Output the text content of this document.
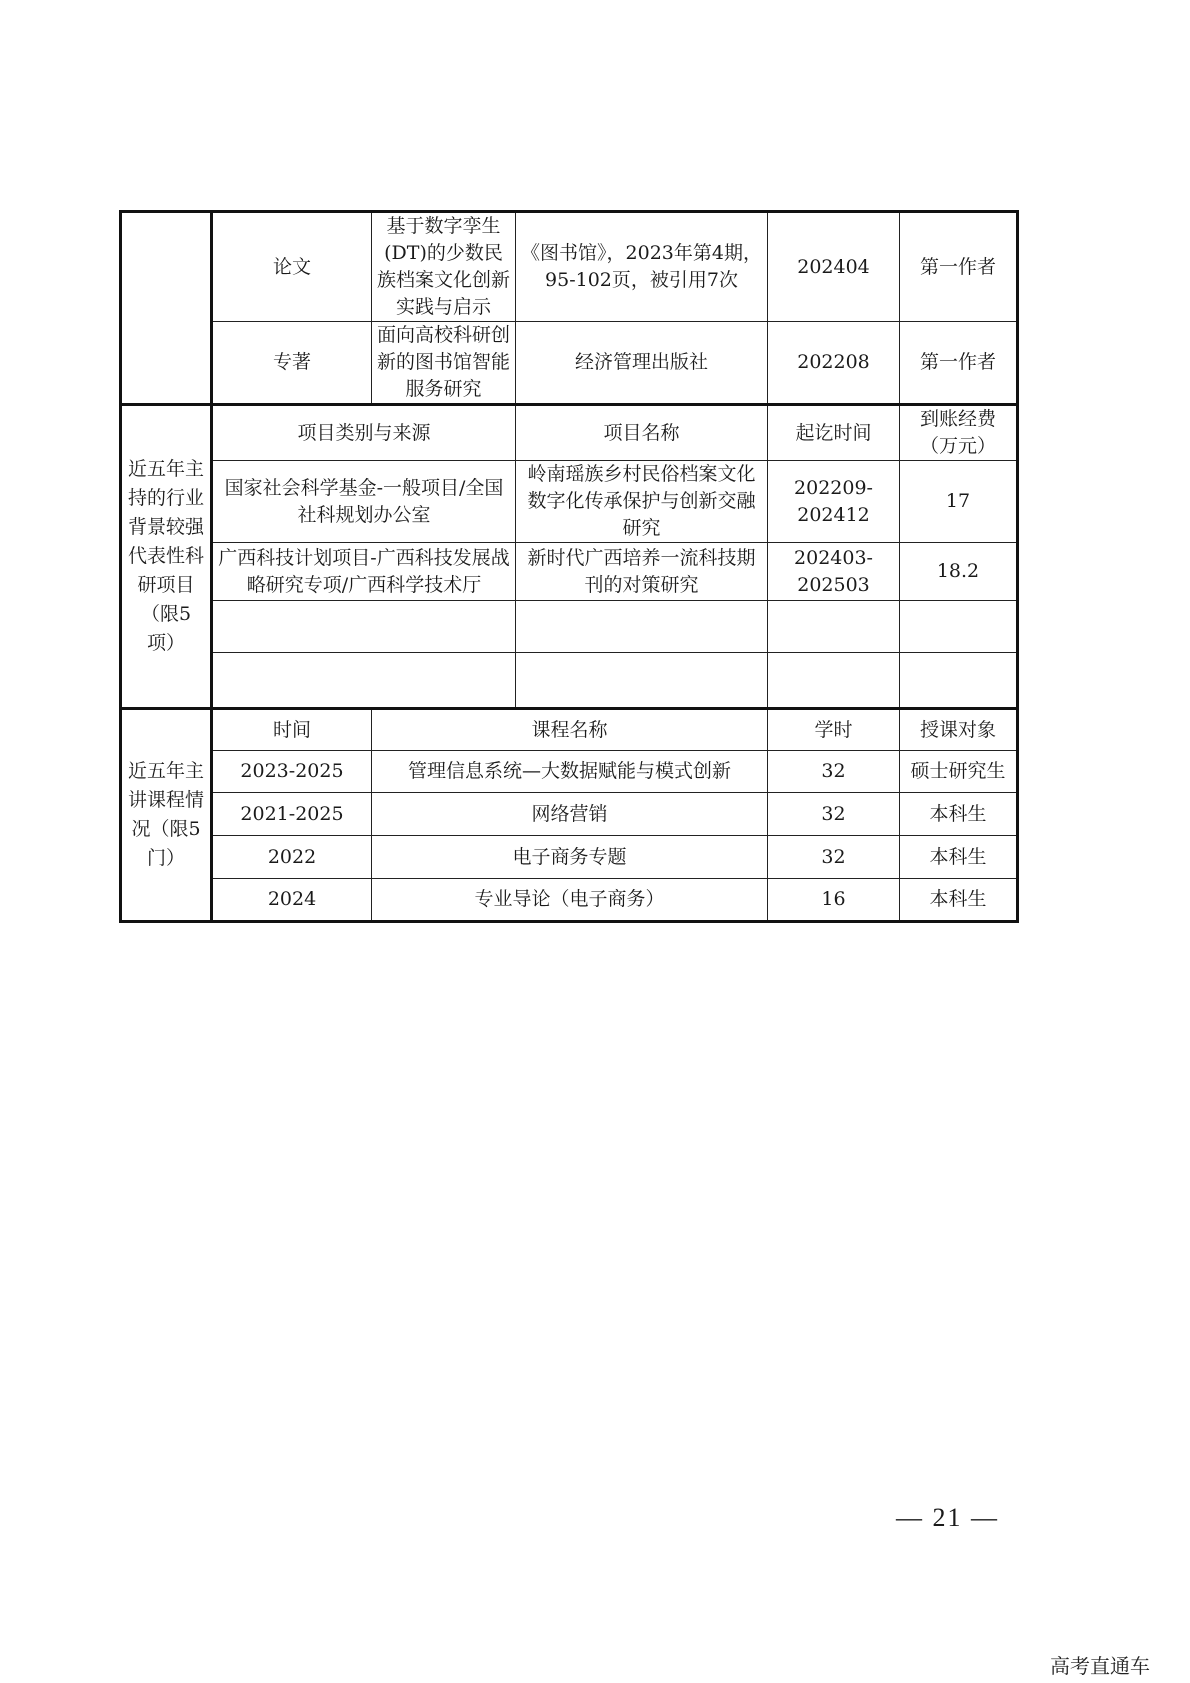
	论文	基于数字孪生(DT)的少数民族档案文化创新实践与启示	《图书馆》，2023年第4期，95-102页，被引用7次	202404	第一作者
	专著	面向高校科研创新的图书馆智能服务研究	经济管理出版社	202208	第一作者
近五年主持的行业背景较强代表性科研项目（限5项）	项目类别与来源		项目名称	起讫时间	到账经费（万元）
	国家社会科学基金-一般项目/全国社科规划办公室		岭南瑶族乡村民俗档案文化数字化传承保护与创新交融研究	202209-202412	17
	广西科技计划项目-广西科技发展战略研究专项/广西科学技术厅		新时代广西培养一流科技期刊的对策研究	202403-202503	18.2

近五年主讲课程情况（限5门）	时间	课程名称		学时	授课对象
	2023-2025	管理信息系统—大数据赋能与模式创新		32	硕士研究生
	2021-2025	网络营销		32	本科生
	2022	电子商务专题		32	本科生
	2024	专业导论（电子商务）		16	本科生
— 21 —
高考直通车
